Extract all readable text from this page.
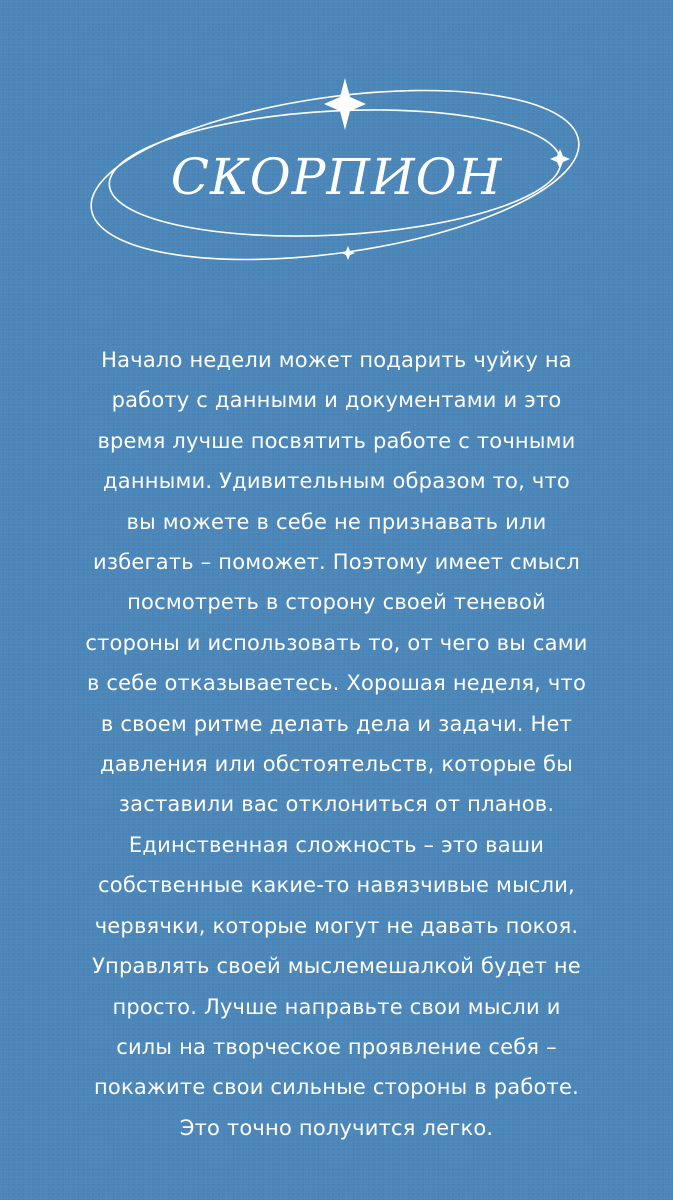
СКОРПИОН

Начало недели может подарить чуйку на
работу с данными и документами и это
время лучше посвятить работе с точными
данными. Удивительным образом то, что
вы можете в себе не признавать или
избегать – поможет. Поэтому имеет смысл
посмотреть в сторону своей теневой
стороны и использовать то, от чего вы сами
в себе отказываетесь. Хорошая неделя, что
в своем ритме делать дела и задачи. Нет
давления или обстоятельств, которые бы
заставили вас отклониться от планов.
Единственная сложность – это ваши
собственные какие-то навязчивые мысли,
червячки, которые могут не давать покоя.
Управлять своей мыслемешалкой будет не
просто. Лучше направьте свои мысли и
силы на творческое проявление себя –
покажите свои сильные стороны в работе.
Это точно получится легко.
